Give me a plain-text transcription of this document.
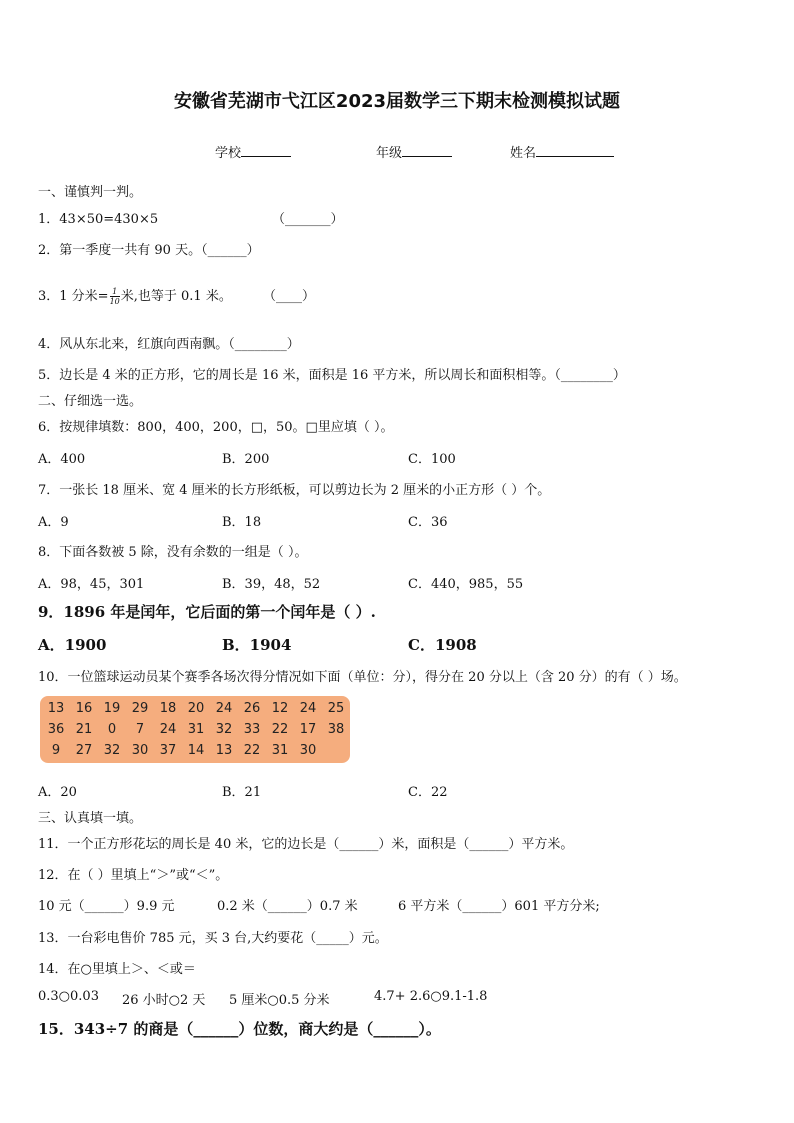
安徽省芜湖市弋江区2023届数学三下期末检测模拟试题
学校	年级	姓名
一、谨慎判一判。
1．43×50=430×5	（_______）
2．第一季度一共有 90 天。（______）
3．1 分米= $\frac{1}{10}$ 米,也等于 0.1 米。 （____）
4．风从东北来，红旗向西南飘。（________）
5．边长是 4 米的正方形，它的周长是 16 米，面积是 16 平方米，所以周长和面积相等。（________）
二、仔细选一选。
6．按规律填数：800，400，200，□，50。□里应填（ ）。
A．400	B．200	C．100
7．一张长 18 厘米、宽 4 厘米的长方形纸板，可以剪边长为 2 厘米的小正方形（ ）个。
A．9	B．18	C．36
8．下面各数被 5 除，没有余数的一组是（ ）。
A．98，45，301	B．39，48，52	C．440，985，55
9．1896 年是闰年，它后面的第一个闰年是（ ）.
A．1900	B．1904	C．1908
10．一位篮球运动员某个赛季各场次得分情况如下面（单位：分），得分在 20 分以上（含 20 分）的有（ ）场。
13 16 19 29 18 20 24 26 12 24 25
36 21	0	7	24 31 32 33 22 17 38
9	27 32 30 37 14 13 22 31 30
A．20	B．21	C．22
三、认真填一填。
11．一个正方形花坛的周长是 40 米，它的边长是（______）米，面积是（______）平方米。
12．在（ ）里填上“＞”或“＜”。
10 元（______）9.9 元	0.2 米（______）0.7 米	6 平方米（______）601 平方分米;
13．一台彩电售价 785 元，买 3 台,大约要花（_____）元。
14．在○里填上＞、＜或＝
0.3○0.03 26 小时○2 天 5 厘米○0.5 分米	4.7+ 2.6○9.1-1.8
15．343÷7 的商是（______）位数，商大约是（______）。
